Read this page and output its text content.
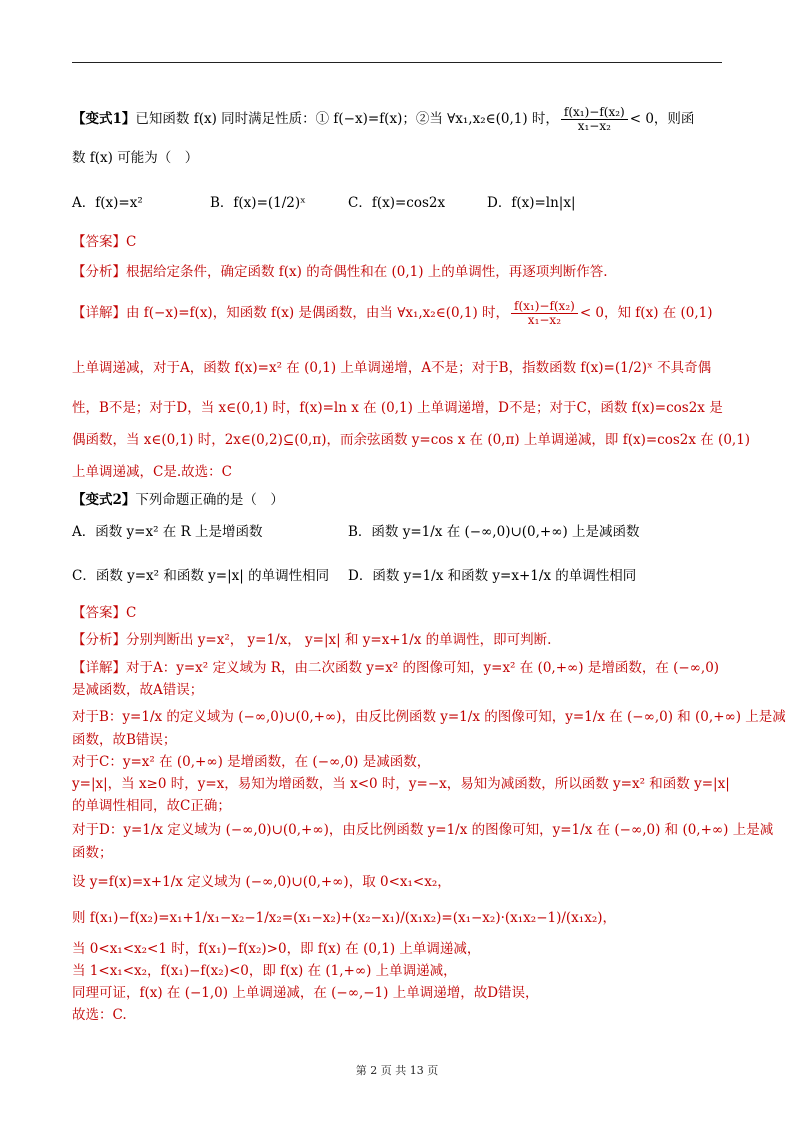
【变式1】已知函数 f(x) 同时满足性质：① f(−x)=f(x)；②当 ∀x₁,x₂∈(0,1) 时， $\frac{\text{f(x₁)−f(x₂)}}{\text{x₁−x₂}} < 0$，则函
数 f(x) 可能为（　）
A．f(x)=x²	B．f(x)=(1/2)ˣ	C．f(x)=cos2x	D．f(x)=ln|x|
【答案】C
【分析】根据给定条件，确定函数 f(x) 的奇偶性和在 (0,1) 上的单调性，再逐项判断作答.
【详解】由 f(−x)=f(x)，知函数 f(x) 是偶函数，由当 ∀x₁,x₂∈(0,1) 时， $\frac{\text{f(x₁)−f(x₂)}}{\text{x₁−x₂}} < 0$，知 f(x) 在 (0,1)
上单调递减，对于A，函数 f(x)=x² 在 (0,1) 上单调递增，A不是；对于B，指数函数 f(x)=(1/2)ˣ 不具奇偶
性，B不是；对于D，当 x∈(0,1) 时，f(x)=ln x 在 (0,1) 上单调递增，D不是；对于C，函数 f(x)=cos2x 是
偶函数，当 x∈(0,1) 时，2x∈(0,2)⊆(0,π)，而余弦函数 y=cos x 在 (0,π) 上单调递减，即 f(x)=cos2x 在 (0,1)
上单调递减，C是.故选：C
【变式2】下列命题正确的是（　）
A．函数 y=x² 在 R 上是增函数	B．函数 y=1/x 在 (−∞,0)∪(0,+∞) 上是减函数
C．函数 y=x² 和函数 y=|x| 的单调性相同 D．函数 y=1/x 和函数 y=x+1/x 的单调性相同
【答案】C
【分析】分别判断出 y=x²， y=1/x， y=|x| 和 y=x+1/x 的单调性，即可判断.
【详解】对于A：y=x² 定义域为 R，由二次函数 y=x² 的图像可知，y=x² 在 (0,+∞) 是增函数，在 (−∞,0)
是减函数，故A错误；
对于B：y=1/x 的定义域为 (−∞,0)∪(0,+∞)，由反比例函数 y=1/x 的图像可知，y=1/x 在 (−∞,0) 和 (0,+∞) 上是减
函数，故B错误；
对于C：y=x² 在 (0,+∞) 是增函数，在 (−∞,0) 是减函数，
y=|x|，当 x≥0 时，y=x，易知为增函数，当 x<0 时，y=−x，易知为减函数，所以函数 y=x² 和函数 y=|x|
的单调性相同，故C正确；
对于D：y=1/x 定义域为 (−∞,0)∪(0,+∞)，由反比例函数 y=1/x 的图像可知，y=1/x 在 (−∞,0) 和 (0,+∞) 上是减
函数；
设 y=f(x)=x+1/x 定义域为 (−∞,0)∪(0,+∞)，取 0<x₁<x₂，
则 f(x₁)−f(x₂)=x₁+1/x₁−x₂−1/x₂=(x₁−x₂)+(x₂−x₁)/(x₁x₂)=(x₁−x₂)·(x₁x₂−1)/(x₁x₂)，
当 0<x₁<x₂<1 时，f(x₁)−f(x₂)>0，即 f(x) 在 (0,1) 上单调递减，
当 1<x₁<x₂，f(x₁)−f(x₂)<0，即 f(x) 在 (1,+∞) 上单调递减，
同理可证，f(x) 在 (−1,0) 上单调递减，在 (−∞,−1) 上单调递增，故D错误，
故选：C.
第 2 页 共 13 页
